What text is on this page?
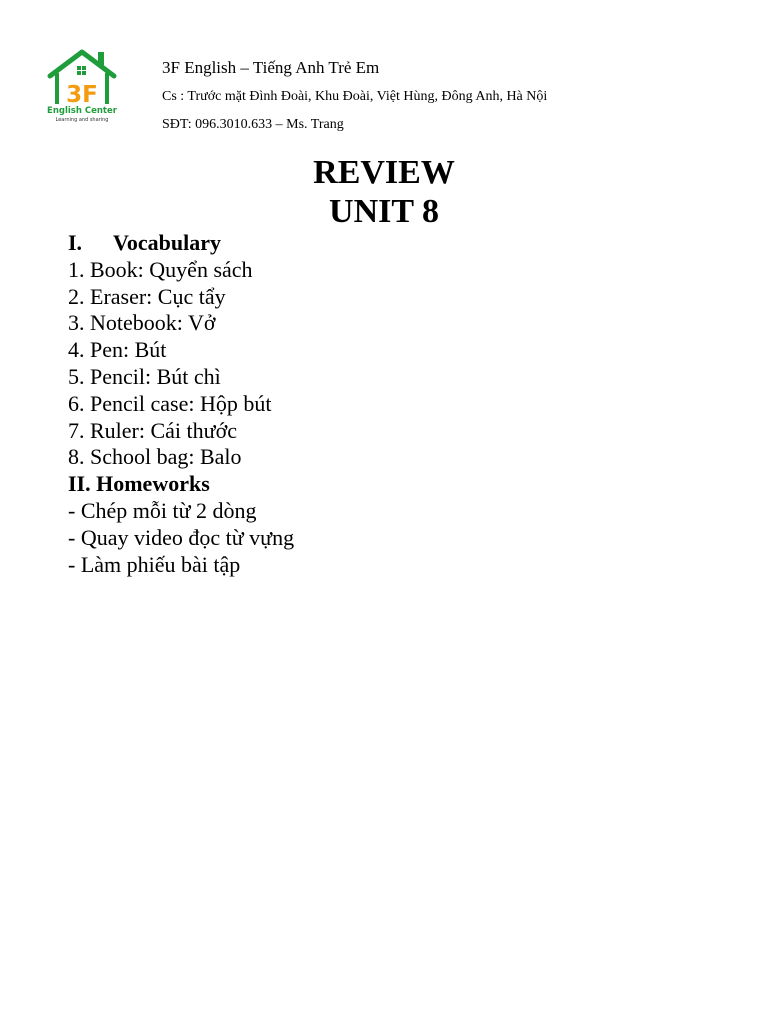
3F
English Center
Learning and sharing
3F English – Tiếng Anh Trẻ Em
Cs : Trước mặt Đình Đoài, Khu Đoài, Việt Hùng, Đông Anh, Hà Nội
SĐT: 096.3010.633 – Ms. Trang
REVIEW
UNIT 8
I. Vocabulary
1. Book: Quyển sách
2. Eraser: Cục tẩy
3. Notebook: Vở
4. Pen: Bút
5. Pencil: Bút chì
6. Pencil case: Hộp bút
7. Ruler: Cái thước
8. School bag: Balo
II. Homeworks
- Chép mỗi từ 2 dòng
- Quay video đọc từ vựng
- Làm phiếu bài tập
